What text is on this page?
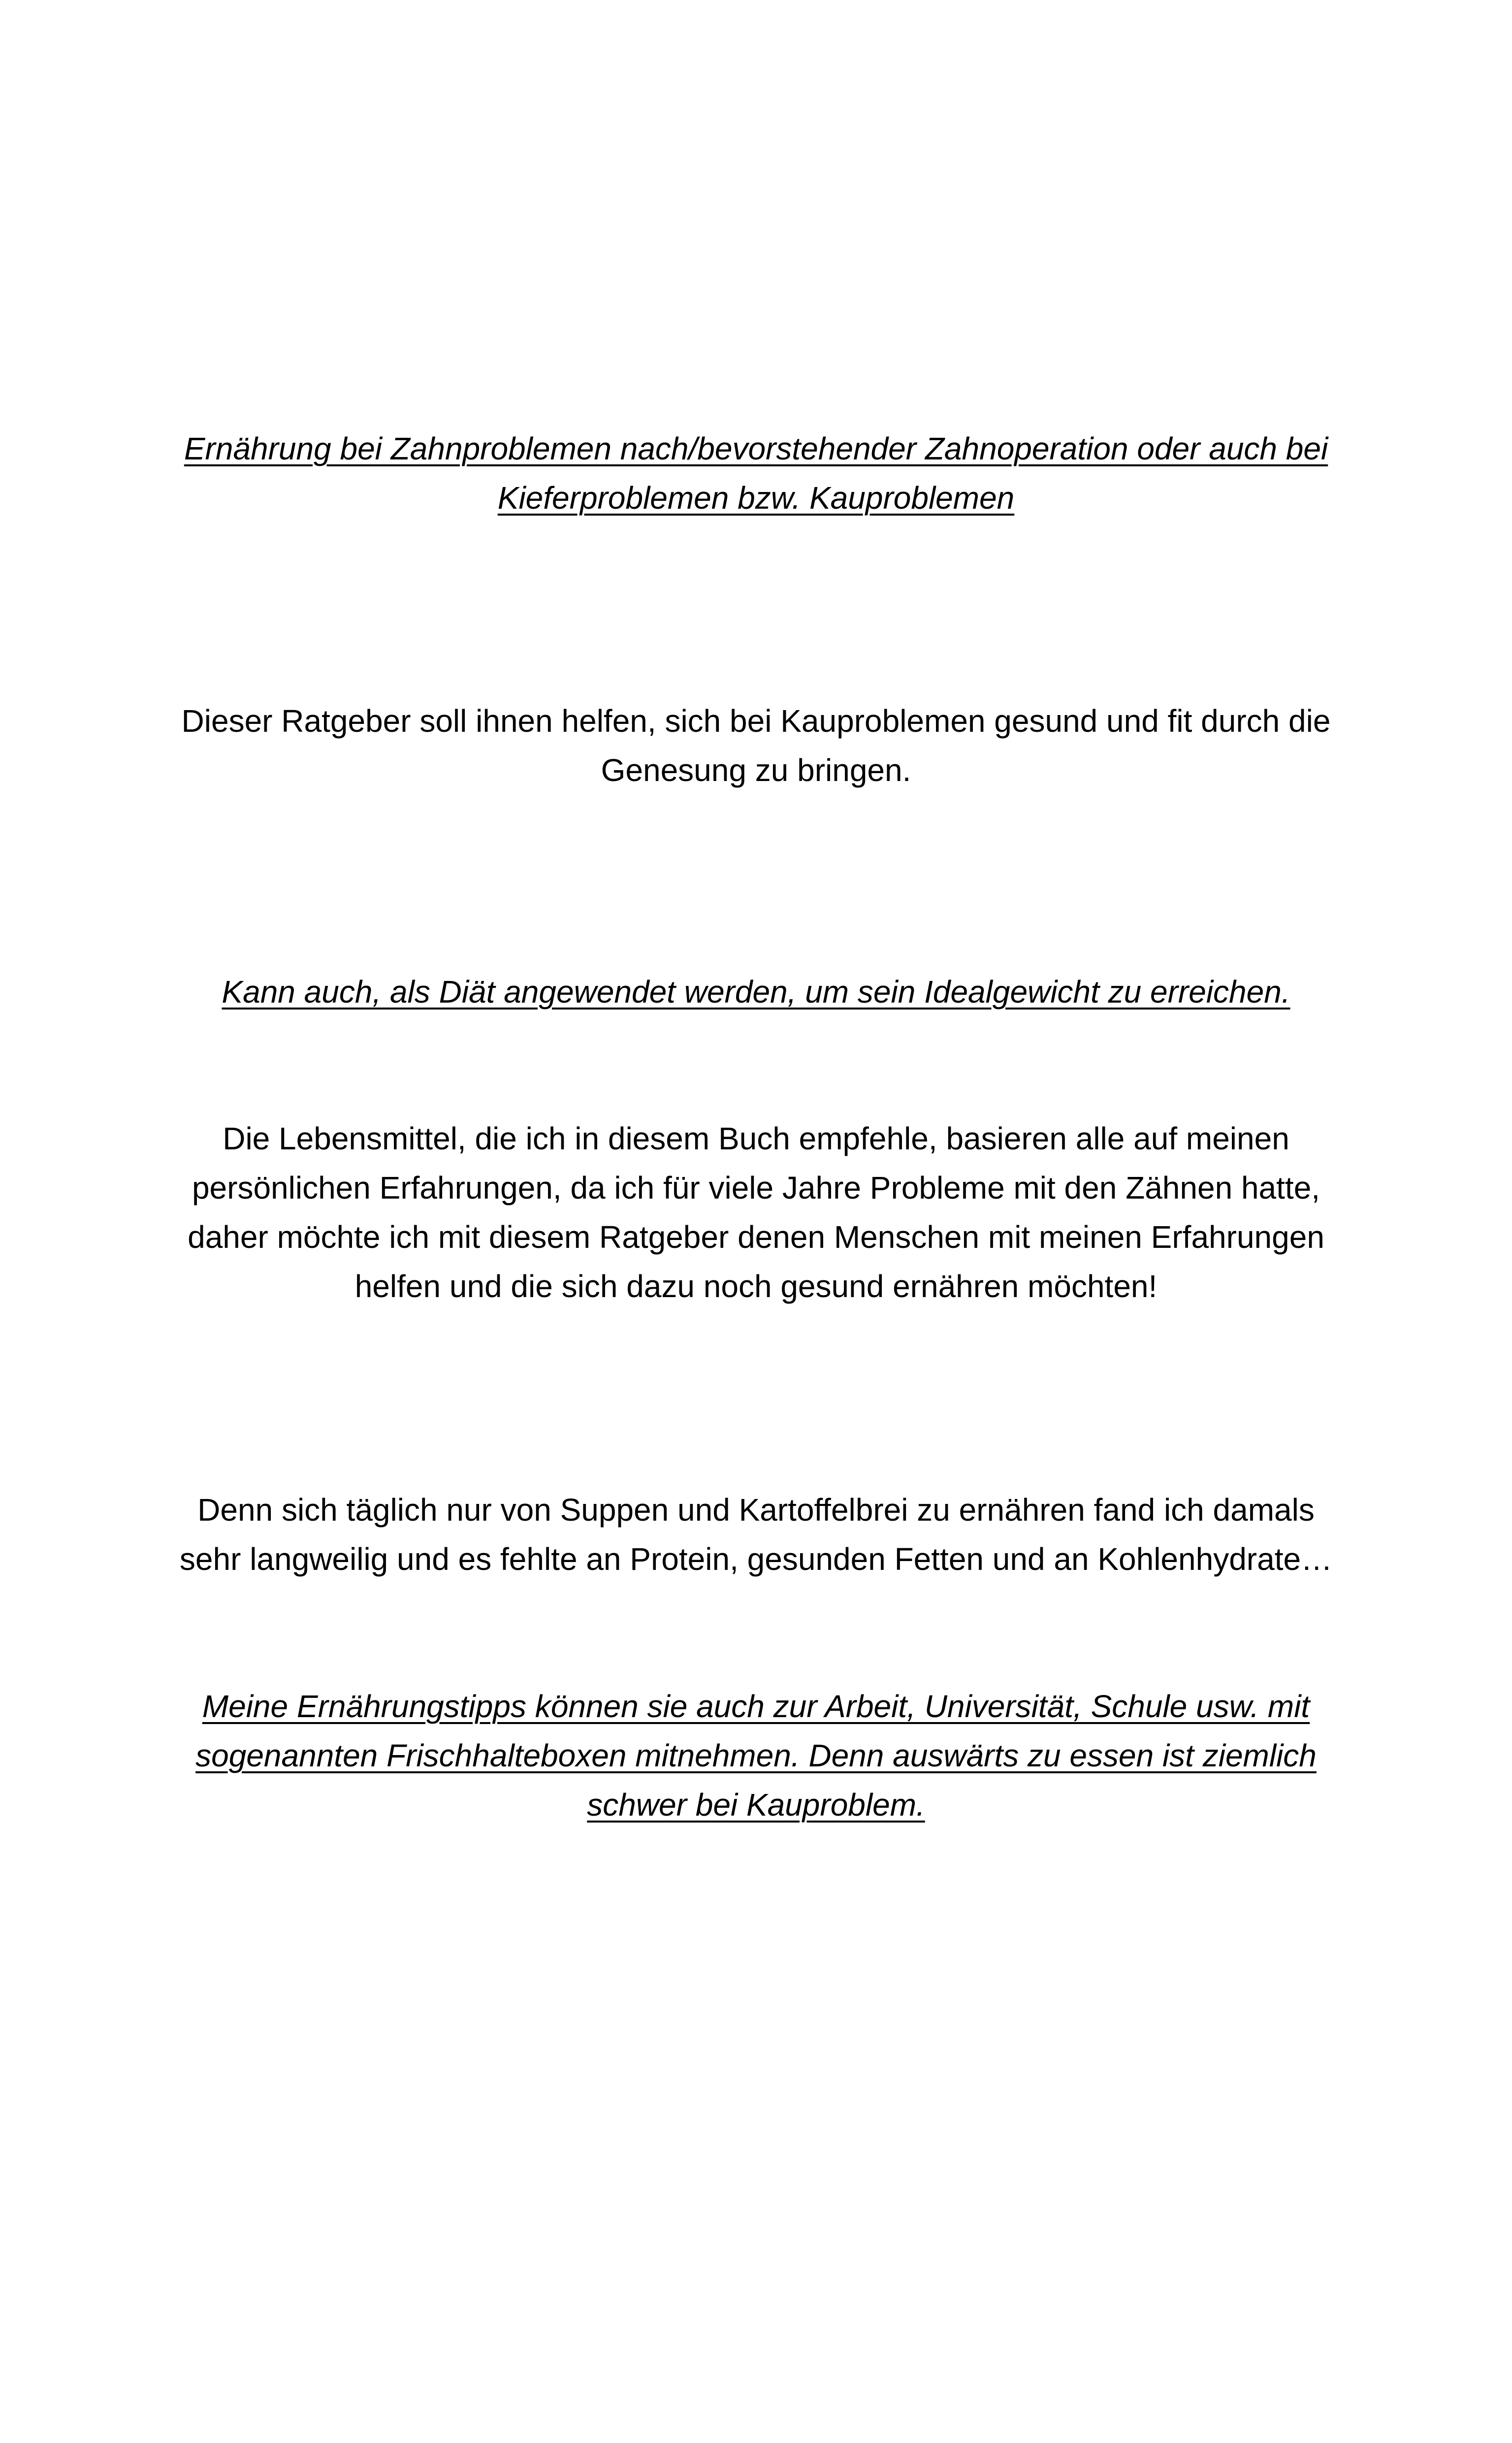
Ernährung bei Zahnproblemen nach/bevorstehender Zahnoperation oder auch bei Kieferproblemen bzw. Kauproblemen

Dieser Ratgeber soll ihnen helfen, sich bei Kauproblemen gesund und fit durch die Genesung zu bringen.

Kann auch, als Diät angewendet werden, um sein Idealgewicht zu erreichen.

Die Lebensmittel, die ich in diesem Buch empfehle, basieren alle auf meinen persönlichen Erfahrungen, da ich für viele Jahre Probleme mit den Zähnen hatte, daher möchte ich mit diesem Ratgeber denen Menschen mit meinen Erfahrungen helfen und die sich dazu noch gesund ernähren möchten!

Denn sich täglich nur von Suppen und Kartoffelbrei zu ernähren fand ich damals sehr langweilig und es fehlte an Protein, gesunden Fetten und an Kohlenhydrate…

Meine Ernährungstipps können sie auch zur Arbeit, Universität, Schule usw. mit sogenannten Frischhalteboxen mitnehmen. Denn auswärts zu essen ist ziemlich schwer bei Kauproblem.
